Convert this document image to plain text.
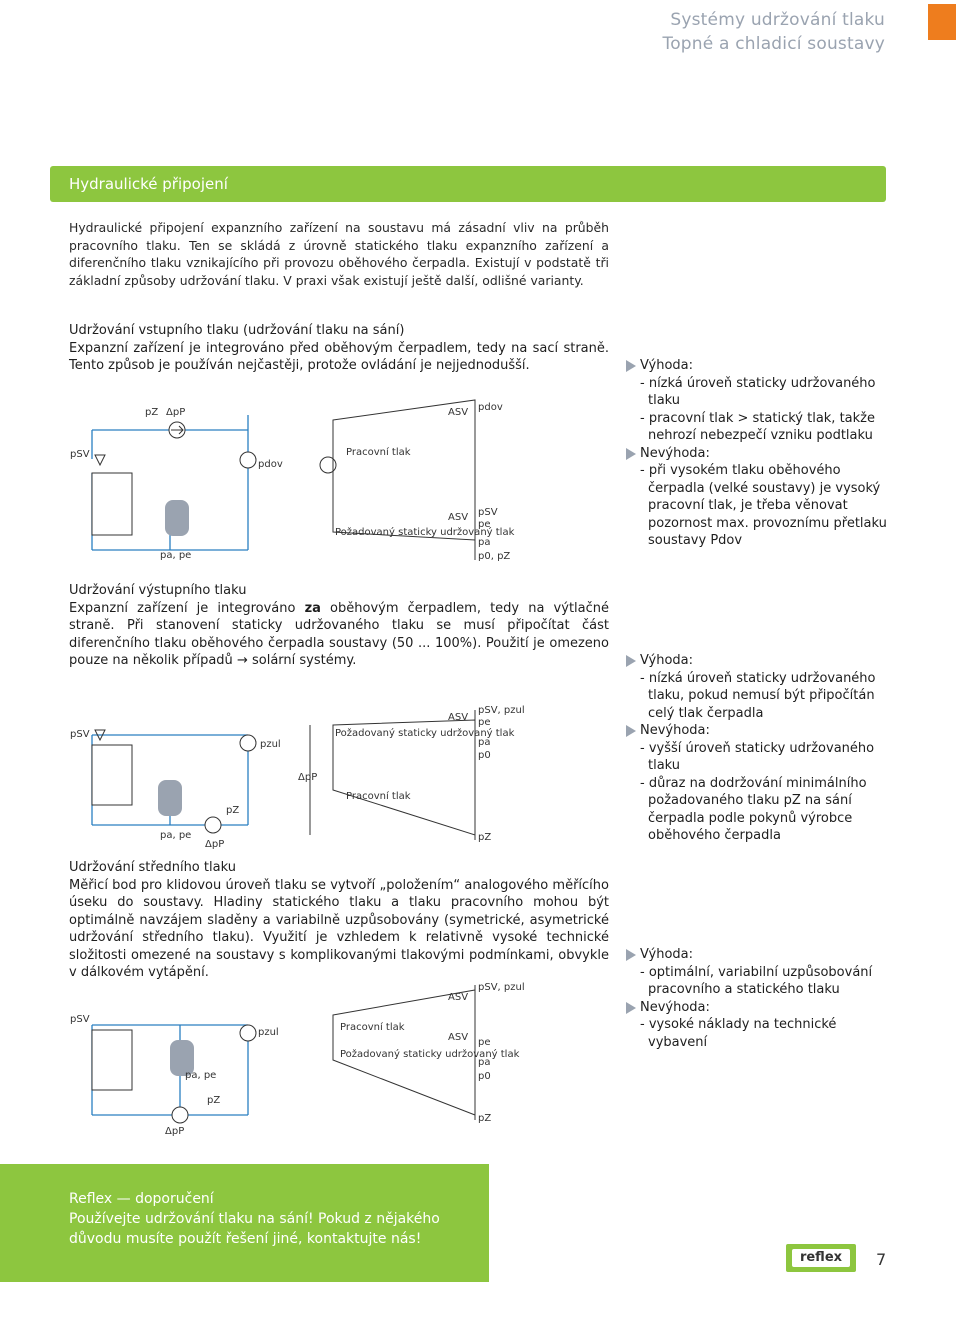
Systémy udržování tlaku
Topné a chladicí soustavy
Hydraulické připojení
Hydraulické připojení expanzního zařízení na soustavu má zásadní vliv na průběh pracovního tlaku. Ten se skládá z úrovně statického tlaku expanzního zařízení a diferenčního tlaku vznikajícího při provozu oběhového čerpadla. Existují v podstatě tři základní způsoby udržování tlaku. V praxi však existují ještě další, odlišné varianty.
Udržování vstupního tlaku (udržování tlaku na sání)
Expanzní zařízení je integrováno před oběhovým čerpadlem, tedy na sací straně. Tento způsob je používán nejčastěji, protože ovládání je nejjednodušší.
pSV
pZ ΔpP
pdov
pa, pe
ASV pdov
Pracovní tlak
pSV
ASV
pe
Požadovaný staticky udržovaný tlak
pa
p0, pZ
Výhoda:
- nízká úroveň staticky udržovaného tlaku
- pracovní tlak > statický tlak, takže nehrozí nebezpečí vzniku podtlaku
Nevýhoda:
- při vysokém tlaku oběhového čerpadla (velké soustavy) je vysoký pracovní tlak, je třeba věnovat pozornost max. provoznímu přetlaku soustavy Pdov
Udržování výstupního tlaku
Expanzní zařízení je integrováno za oběhovým čerpadlem, tedy na výtlačné straně. Při stanovení staticky udržovaného tlaku se musí připočítat část diferenčního tlaku oběhového čerpadla soustavy (50 ... 100%). Použití je omezeno pouze na několik případů → solární systémy.
pSV
pzul
pa, pe
pZ
ΔpP
ΔpP
ASV
pSV, pzul
pe
Požadovaný staticky udržovaný tlak
pa
p0
Pracovní tlak
pZ
Výhoda:
- nízká úroveň staticky udržovaného tlaku, pokud nemusí být připočítán celý tlak čerpadla
Nevýhoda:
- vyšší úroveň staticky udržovaného tlaku
- důraz na dodržování minimálního požadovaného tlaku pZ na sání čerpadla podle pokynů výrobce oběhového čerpadla
Udržování středního tlaku
Měřicí bod pro klidovou úroveň tlaku se vytvoří „položením“ analogového měřícího úseku do soustavy. Hladiny statického tlaku a tlaku pracovního mohou být optimálně navzájem sladěny a variabilně uzpůsobovány (symetrické, asymetrické udržování středního tlaku). Využití je vzhledem k relativně vysoké technické složitosti omezené na soustavy s komplikovanými tlakovými podmínkami, obvykle v dálkovém vytápění.
pSV
pzul
pa, pe
pZ
ΔpP
ASV
pSV, pzul
Pracovní tlak
ASV pe
Požadovaný staticky udržovaný tlak
pa
p0
pZ
Výhoda:
- optimální, variabilní uzpůsobování pracovního a statického tlaku
Nevýhoda:
- vysoké náklady na technické vybavení
Reflex — doporučení
Používejte udržování tlaku na sání! Pokud z nějakého důvodu musíte použít řešení jiné, kontaktujte nás!
reflex	7
